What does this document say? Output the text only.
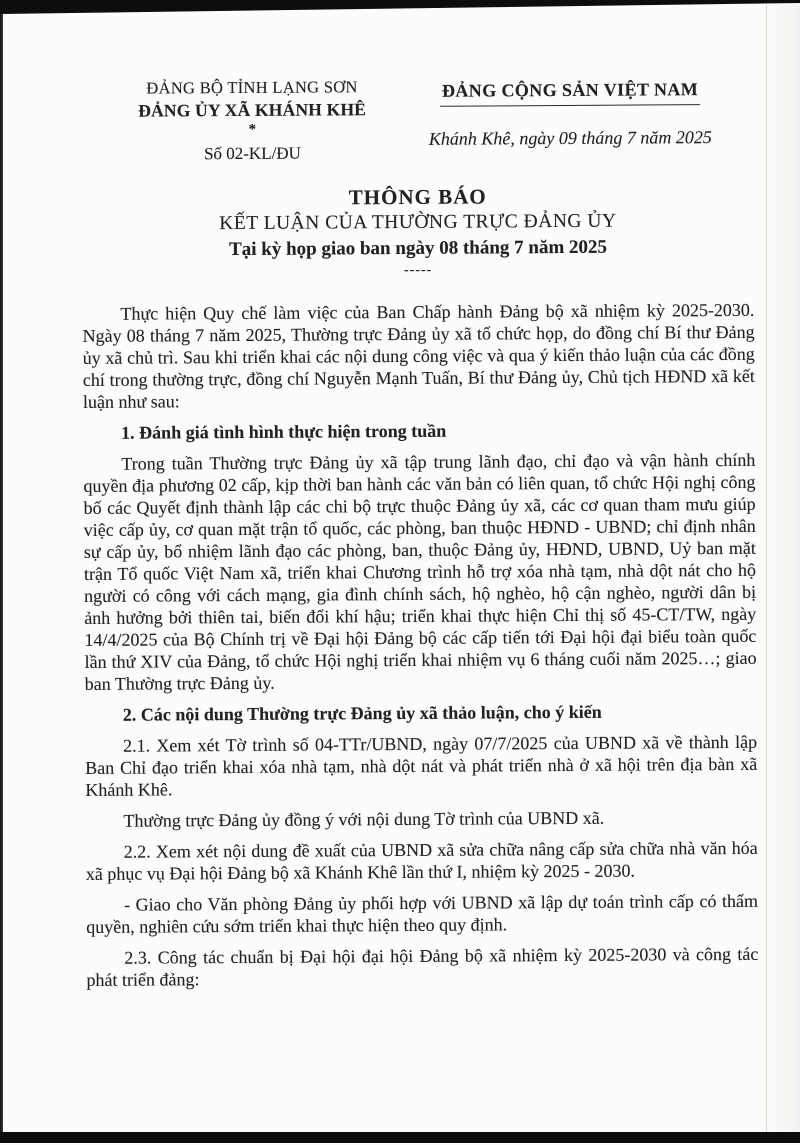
ĐẢNG BỘ TỈNH LẠNG SƠN
ĐẢNG ỦY XÃ KHÁNH KHÊ
*
Số 02-KL/ĐU
ĐẢNG CỘNG SẢN VIỆT NAM
Khánh Khê, ngày 09 tháng 7 năm 2025
THÔNG BÁO
KẾT LUẬN CỦA THƯỜNG TRỰC ĐẢNG ỦY
Tại kỳ họp giao ban ngày 08 tháng 7 năm 2025
-----

Thực hiện Quy chế làm việc của Ban Chấp hành Đảng bộ xã nhiệm kỳ 2025-2030. Ngày 08 tháng 7 năm 2025, Thường trực Đảng ủy xã tổ chức họp, do đồng chí Bí thư Đảng ủy xã chủ trì. Sau khi triển khai các nội dung công việc và qua ý kiến thảo luận của các đồng chí trong thường trực, đồng chí Nguyễn Mạnh Tuấn, Bí thư Đảng ủy, Chủ tịch HĐND xã kết luận như sau:

1. Đánh giá tình hình thực hiện trong tuần

Trong tuần Thường trực Đảng ủy xã tập trung lãnh đạo, chỉ đạo và vận hành chính quyền địa phương 02 cấp, kịp thời ban hành các văn bản có liên quan, tổ chức Hội nghị công bố các Quyết định thành lập các chi bộ trực thuộc Đảng ủy xã, các cơ quan tham mưu giúp việc cấp ủy, cơ quan mặt trận tổ quốc, các phòng, ban thuộc HĐND - UBND; chỉ định nhân sự cấp ủy, bổ nhiệm lãnh đạo các phòng, ban, thuộc Đảng ủy, HĐND, UBND, Uỷ ban mặt trận Tổ quốc Việt Nam xã, triển khai Chương trình hỗ trợ xóa nhà tạm, nhà dột nát cho hộ người có công với cách mạng, gia đình chính sách, hộ nghèo, hộ cận nghèo, người dân bị ảnh hưởng bởi thiên tai, biến đổi khí hậu; triển khai thực hiện Chỉ thị số 45-CT/TW, ngày 14/4/2025 của Bộ Chính trị về Đại hội Đảng bộ các cấp tiến tới Đại hội đại biểu toàn quốc lần thứ XIV của Đảng, tổ chức Hội nghị triển khai nhiệm vụ 6 tháng cuối năm 2025…; giao ban Thường trực Đảng ủy.

2. Các nội dung Thường trực Đảng ủy xã thảo luận, cho ý kiến

2.1. Xem xét Tờ trình số 04-TTr/UBND, ngày 07/7/2025 của UBND xã về thành lập Ban Chỉ đạo triển khai xóa nhà tạm, nhà dột nát và phát triển nhà ở xã hội trên địa bàn xã Khánh Khê.

Thường trực Đảng ủy đồng ý với nội dung Tờ trình của UBND xã.

2.2. Xem xét nội dung đề xuất của UBND xã sửa chữa nâng cấp sửa chữa nhà văn hóa xã phục vụ Đại hội Đảng bộ xã Khánh Khê lần thứ I, nhiệm kỳ 2025 - 2030.

- Giao cho Văn phòng Đảng ủy phối hợp với UBND xã lập dự toán trình cấp có thẩm quyền, nghiên cứu sớm triển khai thực hiện theo quy định.

2.3. Công tác chuẩn bị Đại hội đại hội Đảng bộ xã nhiệm kỳ 2025-2030 và công tác phát triển đảng:
